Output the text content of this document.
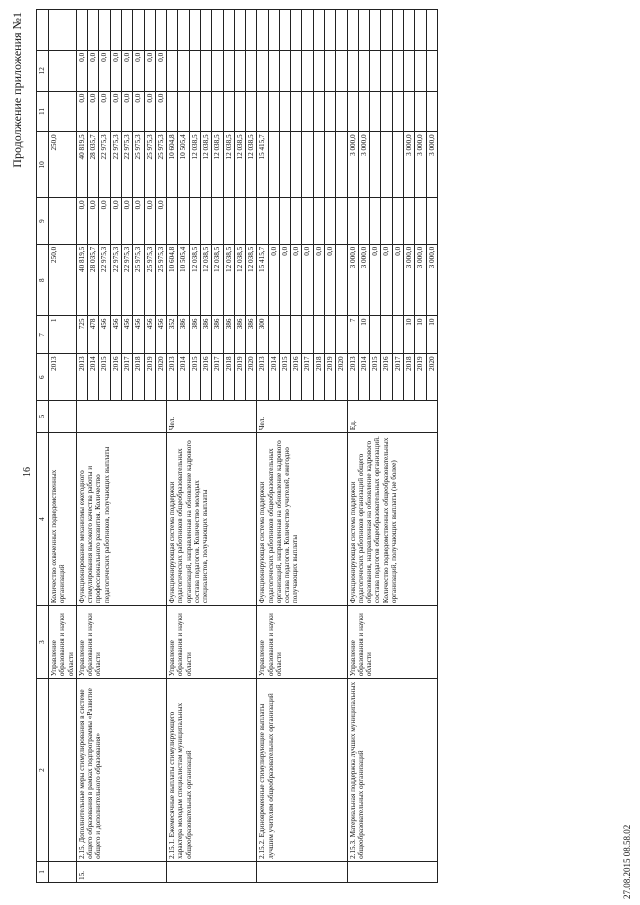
Продолжение приложения №1
16
1	2	3	4	5	6	7	8	9	10	11	12	
		Управление образования и науки области	Количество охваченных подведомственных организаций		2013	1	250,0		250,0			
15.	2.15. Дополнительные меры стимулирования в системе общего образования в рамках подпрограммы «Развитие общего и дополнительного образования»	Управление образования и науки области	Функционирование механизмы ежегодного стимулирования высокого качества работы и профессионального развития. Количество педагогических работников, получающих выплаты		2013	725	40 819,5	0,0	40 819,5	0,0	0,0	
					2014	478	28 035,7	0,0	28 035,7	0,0	0,0	
					2015	456	22 975,3	0,0	22 975,3	0,0	0,0	
					2016	456	22 975,3	0,0	22 975,3	0,0	0,0	
					2017	456	22 975,3	0,0	22 975,3	0,0	0,0	
					2018	456	25 975,3	0,0	25 975,3	0,0	0,0	
					2019	456	25 975,3	0,0	25 975,3	0,0	0,0	
					2020	456	25 975,3	0,0	25 975,3	0,0	0,0	
	2.15.1. Ежемесячные выплаты стимулирующего характера молодым специалистам муниципальных общеобразовательных организаций	Управление образования и науки области	Функционирующая система поддержки педагогических работников общеобразовательных организаций, направленная на обновление кадрового состава педагогов. Количество молодых специалистов, получающих выплаты	Чел.	2013	352	10 604,8		10 604,8			
					2014	386	10 505,4		10 505,4			
					2015	386	12 038,5		12 038,5			
					2016	386	12 038,5		12 038,5			
					2017	386	12 038,5		12 038,5			
					2018	386	12 038,5		12 038,5			
					2019	386	12 038,5		12 038,5			
					2020	386	12 038,5		12 038,5			
	2.15.2. Единовременные стимулирующие выплаты лучшим учителям общеобразовательных организаций	Управление образования и науки области	Функционирующая система поддержки педагогических работников общеобразовательных организаций, направленная на обновление кадрового состава педагогов. Количество учителей, ежегодно получающих выплаты	Чел.	2013	300	15 415,7		15 415,7			
					2014		0,0					
					2015		0,0					
					2016		0,0					
					2017		0,0					
					2018		0,0					
					2019		0,0					
					2020							
	2.15.3. Материальная поддержка лучших муниципальных общеобразовательных организаций	Управление образования и науки области	Функционирующая система поддержки педагогических работников организаций общего образования, направленная на обновление кадрового состава педагогов общеобразовательных организаций. Количество подведомственных общеобразовательных организаций, получающих выплаты (не более)	Ед.	2013	7	3 000,0		3 000,0			
					2014	10	3 000,0		3 000,0			
					2015		0,0					
					2016		0,0					
					2017		0,0					
					2018	10	3 000,0		3 000,0			
					2019	10	3 000,0		3 000,0			
					2020	10	3 000,0		3 000,0			
27.08.2015 08.58.02
